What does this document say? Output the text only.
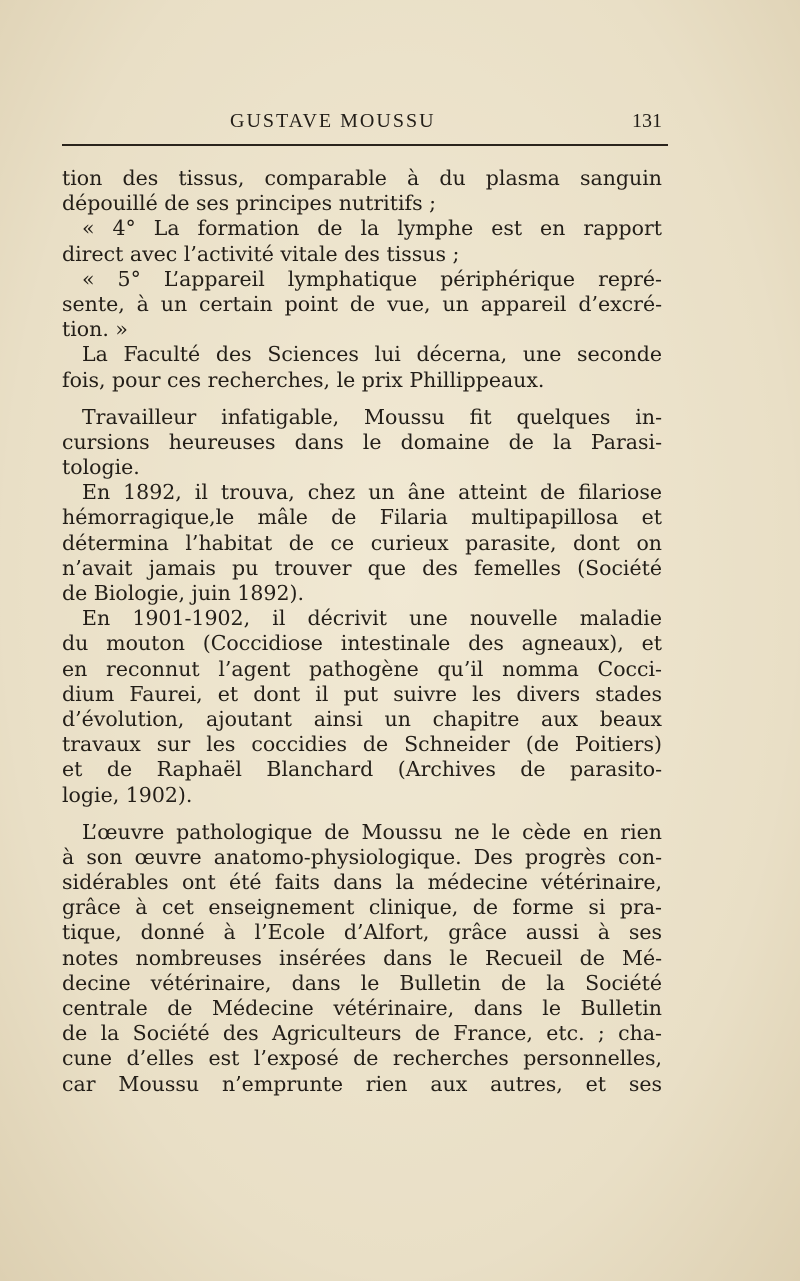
GUSTAVE MOUSSU	131
tion des tissus, comparable à du plasma sanguin
dépouillé de ses principes nutritifs ;
« 4° La formation de la lymphe est en rapport
direct avec l’activité vitale des tissus ;
« 5° L’appareil lymphatique périphérique repré-
sente, à un certain point de vue, un appareil d’excré-
tion. »
La Faculté des Sciences lui décerna, une seconde
fois, pour ces recherches, le prix Phillippeaux.
Travailleur infatigable, Moussu fit quelques in-
cursions heureuses dans le domaine de la Parasi-
tologie.
En 1892, il trouva, chez un âne atteint de filariose
hémorragique,le mâle de Filaria multipapillosa et
détermina l’habitat de ce curieux parasite, dont on
n’avait jamais pu trouver que des femelles (Société
de Biologie, juin 1892).
En 1901-1902, il décrivit une nouvelle maladie
du mouton (Coccidiose intestinale des agneaux), et
en reconnut l’agent pathogène qu’il nomma Cocci-
dium Faurei, et dont il put suivre les divers stades
d’évolution, ajoutant ainsi un chapitre aux beaux
travaux sur les coccidies de Schneider (de Poitiers)
et de Raphaël Blanchard (Archives de parasito-
logie, 1902).
L’œuvre pathologique de Moussu ne le cède en rien
à son œuvre anatomo-physiologique. Des progrès con-
sidérables ont été faits dans la médecine vétérinaire,
grâce à cet enseignement clinique, de forme si pra-
tique, donné à l’Ecole d’Alfort, grâce aussi à ses
notes nombreuses insérées dans le Recueil de Mé-
decine vétérinaire, dans le Bulletin de la Société
centrale de Médecine vétérinaire, dans le Bulletin
de la Société des Agriculteurs de France, etc. ; cha-
cune d’elles est l’exposé de recherches personnelles,
car Moussu n’emprunte rien aux autres, et ses
